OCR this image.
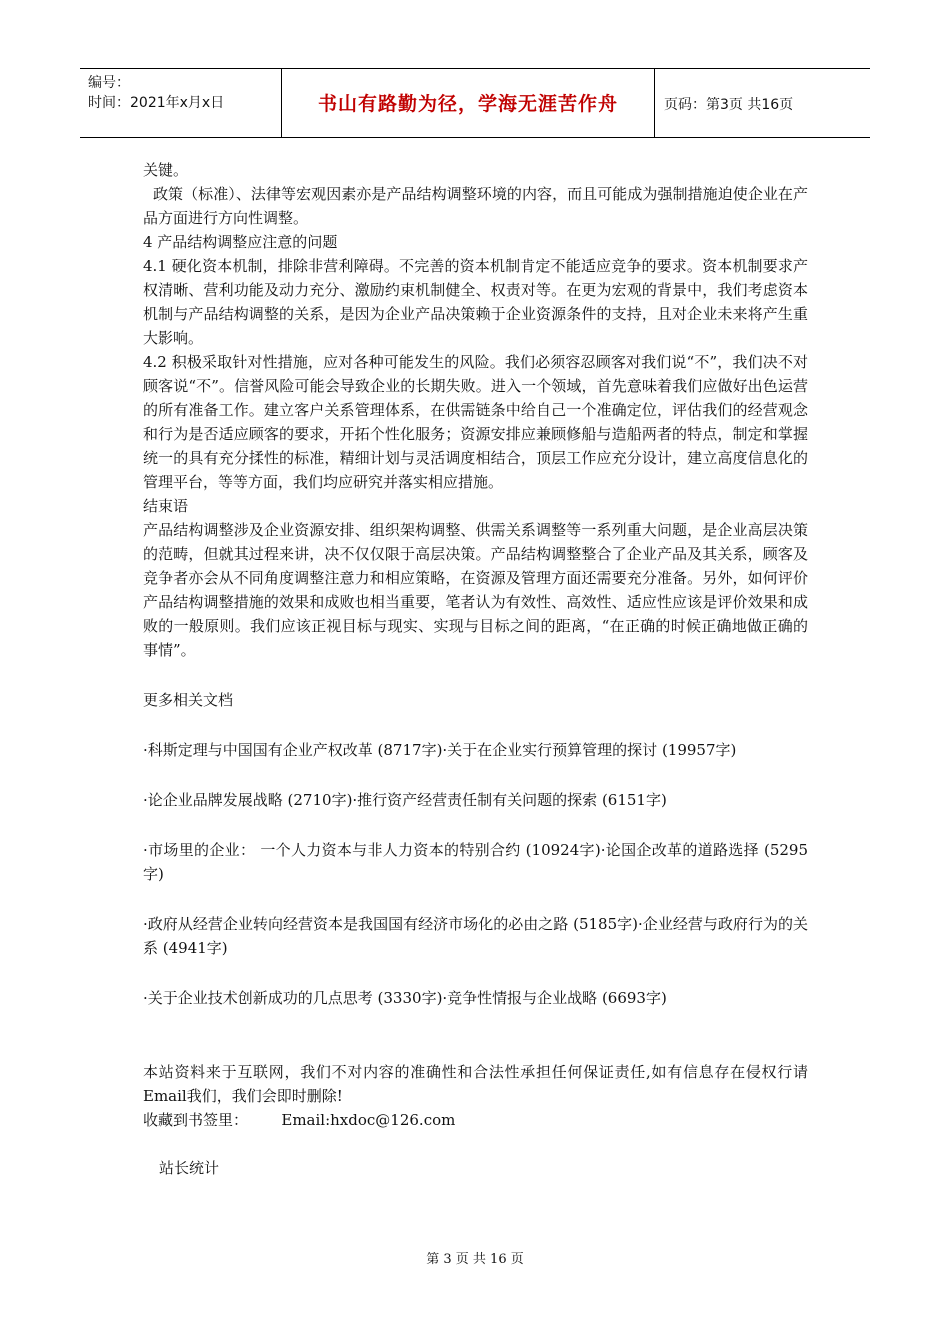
编号：
时间：2021年x月x日	书山有路勤为径，学海无涯苦作舟	页码：第3页 共16页

关键。

政策（标准）、法律等宏观因素亦是产品结构调整环境的内容，而且可能成为强制措施迫使企业在产品方面进行方向性调整。

4 产品结构调整应注意的问题

4.1 硬化资本机制，排除非营利障碍。不完善的资本机制肯定不能适应竞争的要求。资本机制要求产权清晰、营利功能及动力充分、激励约束机制健全、权责对等。在更为宏观的背景中，我们考虑资本机制与产品结构调整的关系，是因为企业产品决策赖于企业资源条件的支持，且对企业未来将产生重大影响。

4.2 积极采取针对性措施，应对各种可能发生的风险。我们必须容忍顾客对我们说“不”，我们决不对顾客说“不”。信誉风险可能会导致企业的长期失败。进入一个领域，首先意味着我们应做好出色运营的所有准备工作。建立客户关系管理体系，在供需链条中给自己一个准确定位，评估我们的经营观念和行为是否适应顾客的要求，开拓个性化服务；资源安排应兼顾修船与造船两者的特点，制定和掌握统一的具有充分揉性的标准，精细计划与灵活调度相结合，顶层工作应充分设计，建立高度信息化的管理平台，等等方面，我们均应研究并落实相应措施。

结束语

产品结构调整涉及企业资源安排、组织架构调整、供需关系调整等一系列重大问题，是企业高层决策的范畴，但就其过程来讲，决不仅仅限于高层决策。产品结构调整整合了企业产品及其关系，顾客及竞争者亦会从不同角度调整注意力和相应策略，在资源及管理方面还需要充分准备。另外，如何评价产品结构调整措施的效果和成败也相当重要，笔者认为有效性、高效性、适应性应该是评价效果和成败的一般原则。我们应该正视目标与现实、实现与目标之间的距离，“在正确的时候正确地做正确的事情”。

更多相关文档

·科斯定理与中国国有企业产权改革 (8717字)·关于在企业实行预算管理的探讨 (19957字)

·论企业品牌发展战略 (2710字)·推行资产经营责任制有关问题的探索 (6151字)

·市场里的企业： 一个人力资本与非人力资本的特别合约 (10924字)·论国企改革的道路选择 (5295字)

·政府从经营企业转向经营资本是我国国有经济市场化的必由之路 (5185字)·企业经营与政府行为的关系 (4941字)

·关于企业技术创新成功的几点思考 (3330字)·竞争性情报与企业战略 (6693字)

本站资料来于互联网，我们不对内容的准确性和合法性承担任何保证责任,如有信息存在侵权行请Email我们，我们会即时删除!

收藏到书签里：       Email:hxdoc@126.com

站长统计

第 3 页 共 16 页
